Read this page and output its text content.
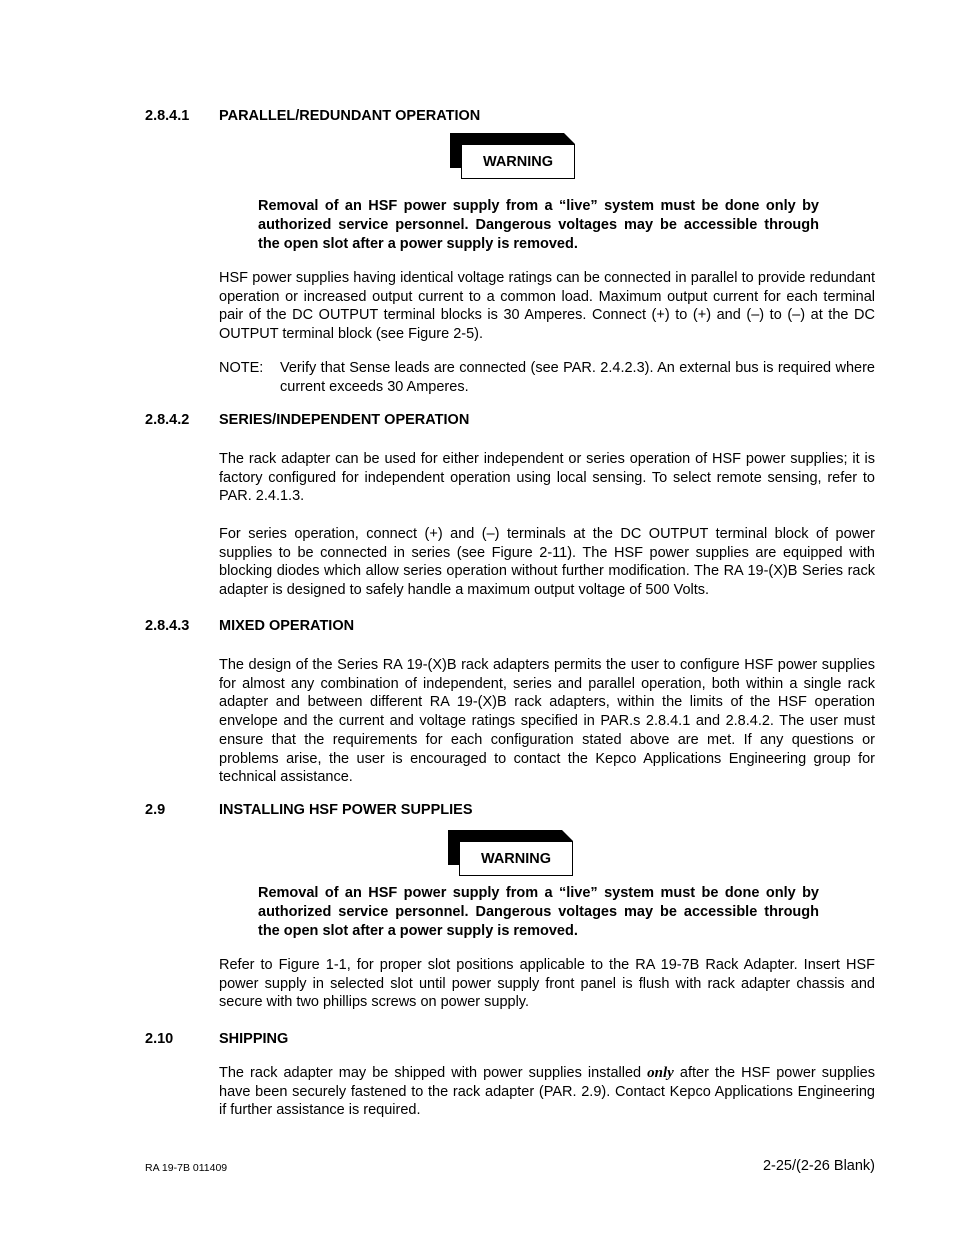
2.8.4.1 PARALLEL/REDUNDANT OPERATION
WARNING

Removal of an HSF power supply from a “live” system must be done only by authorized service personnel. Dangerous voltages may be accessible through the open slot after a power supply is removed.

HSF power supplies having identical voltage ratings can be connected in parallel to provide redundant operation or increased output current to a common load. Maximum output current for each terminal pair of the DC OUTPUT terminal blocks is 30 Amperes. Connect (+) to (+) and (–) to (–) at the DC OUTPUT terminal block (see Figure 2-5).

NOTE: Verify that Sense leads are connected (see PAR. 2.4.2.3). An external bus is required where current exceeds 30 Amperes.
2.8.4.2 SERIES/INDEPENDENT OPERATION

The rack adapter can be used for either independent or series operation of HSF power supplies; it is factory configured for independent operation using local sensing. To select remote sensing, refer to PAR. 2.4.1.3.

For series operation, connect (+) and (–) terminals at the DC OUTPUT terminal block of power supplies to be connected in series (see Figure 2-11). The HSF power supplies are equipped with blocking diodes which allow series operation without further modification. The RA 19-(X)B Series rack adapter is designed to safely handle a maximum output voltage of 500 Volts.

2.8.4.3 MIXED OPERATION

The design of the Series RA 19-(X)B rack adapters permits the user to configure HSF power supplies for almost any combination of independent, series and parallel operation, both within a single rack adapter and between different RA 19-(X)B rack adapters, within the limits of the HSF operation envelope and the current and voltage ratings specified in PAR.s 2.8.4.1 and 2.8.4.2. The user must ensure that the requirements for each configuration stated above are met. If any questions or problems arise, the user is encouraged to contact the Kepco Applications Engineering group for technical assistance.

2.9	INSTALLING HSF POWER SUPPLIES
WARNING

Removal of an HSF power supply from a “live” system must be done only by authorized service personnel. Dangerous voltages may be accessible through the open slot after a power supply is removed.

Refer to Figure 1-1, for proper slot positions applicable to the RA 19-7B Rack Adapter. Insert HSF power supply in selected slot until power supply front panel is flush with rack adapter chassis and secure with two phillips screws on power supply.

2.10	SHIPPING

The rack adapter may be shipped with power supplies installed only after the HSF power supplies have been securely fastened to the rack adapter (PAR. 2.9). Contact Kepco Applications Engineering if further assistance is required.

RA 19-7B 011409	2-25/(2-26 Blank)
